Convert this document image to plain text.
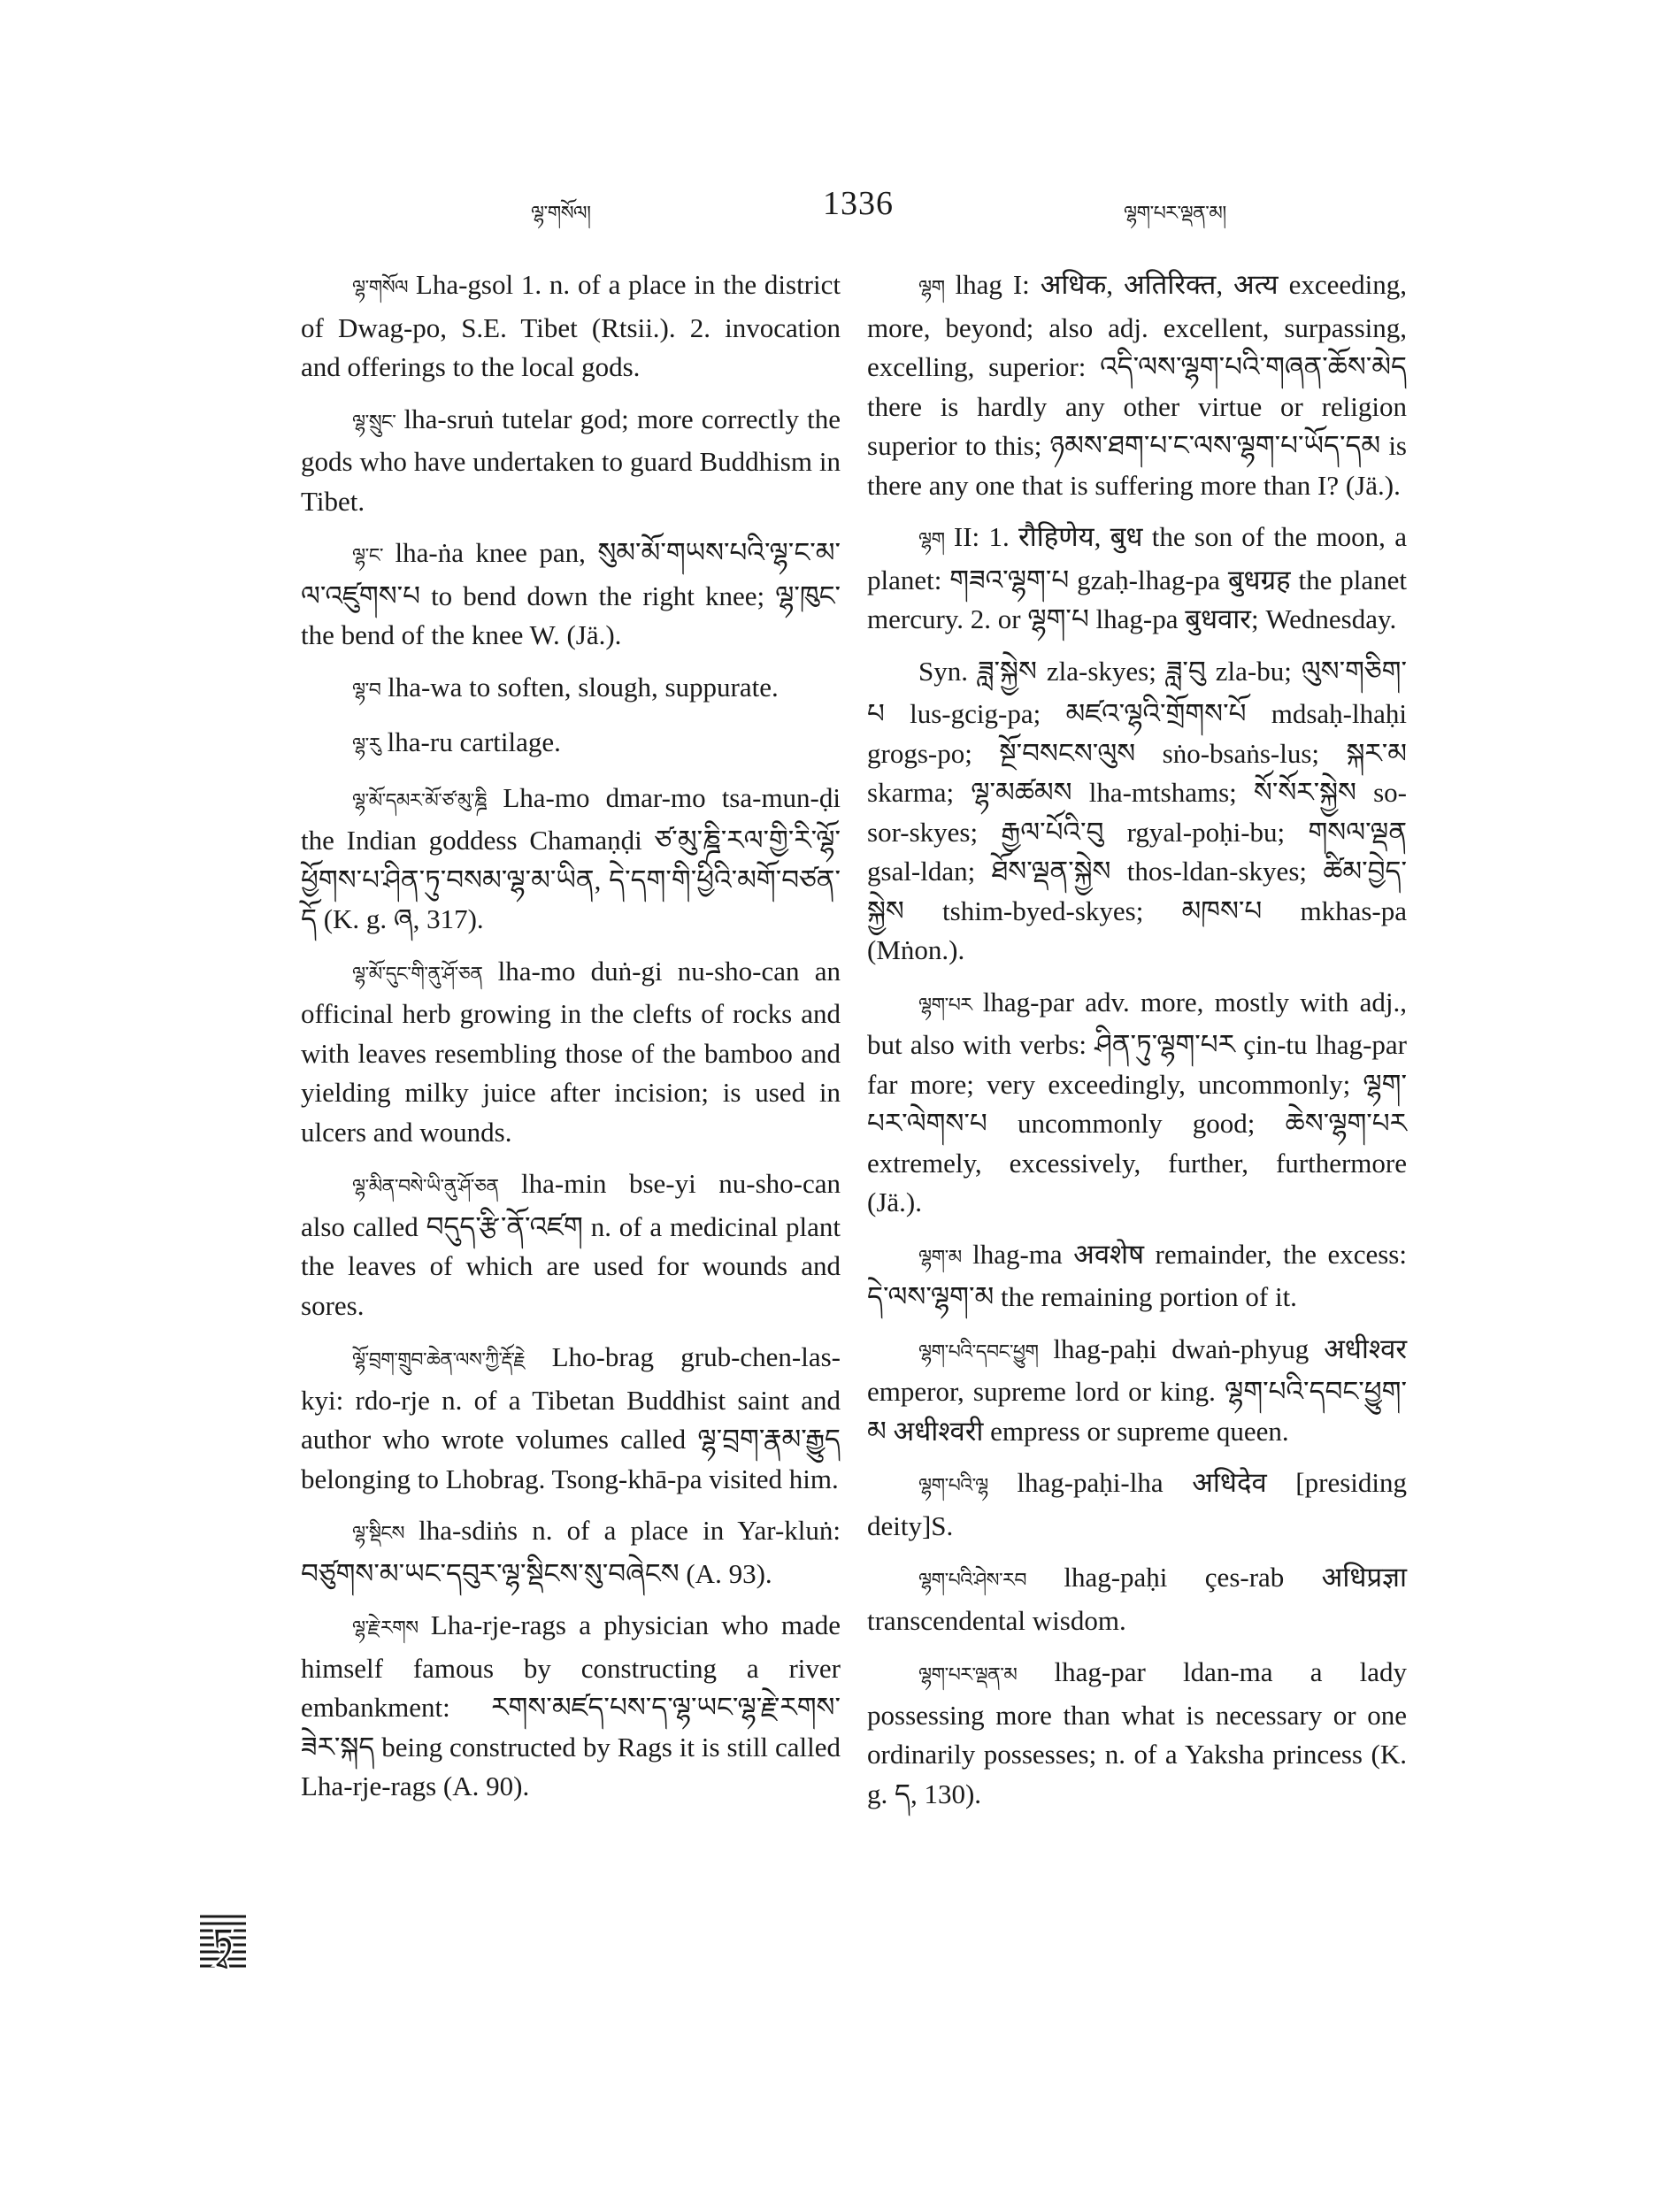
ལྷ་གསོལ།	1336	ལྷག་པར་ལྡན་མ།

ལྷ་གསོལ Lha-gsol 1. n. of a place in the district of Dwag-po, S.E. Tibet (Rtsii.). 2. invocation and offerings to the local gods.

ལྷ་སྲུང་ lha-sruṅ tutelar god; more correctly the gods who have undertaken to guard Buddhism in Tibet.

ལྷ་ང་ lha-ṅa knee pan, སུམ་མོ་གཡས་པའི་ལྷ་ང་མ་ལ་འཛུགས་པ to bend down the right knee; ལྷ་ཁུང་ the bend of the knee W. (Jä.).

ལྷ་བ lha-wa to soften, slough, suppurate.

ལྷ་རུ lha-ru cartilage.

ལྷ་མོ་དམར་མོ་ཙ་མུ་ཎྜི Lha-mo dmar-mo tsa-mun-ḍi the Indian goddess Chamaṇḍi ཙ་མུ་ཎྜི་རལ་གྱི་རི་ལྷོ་ཕྱོགས་པ་ཤིན་ཏུ་བསམ་ལྷ་མ་ཡིན, དེ་དག་གི་ཕྱིའི་མགོ་བཙན་དོ (K. g. ཞ, 317).

ལྷ་མོ་དུང་གི་ནུ་ཤོ་ཅན lha-mo duṅ-gi nu-sho-can an officinal herb growing in the clefts of rocks and with leaves resembling those of the bamboo and yielding milky juice after incision; is used in ulcers and wounds.

ལྷ་མིན་བསེ་ཡི་ནུ་ཤོ་ཅན lha-min bse-yi nu-sho-can also called བདུད་རྩི་ནོ་འཛག n. of a medicinal plant the leaves of which are used for wounds and sores.

ལྷོ་བྲག་གྲུབ་ཆེན་ལས་ཀྱི་རྡོ་རྗེ Lho-brag grub-chen-las-kyi: rdo-rje n. of a Tibetan Buddhist saint and author who wrote volumes called ལྷ་བྲག་རྣམ་རྒྱུད belonging to Lhobrag. Tsong-khā-pa visited him.

ལྷ་སྡིངས lha-sdiṅs n. of a place in Yar-kluṅ: བཙུགས་མ་ཡང་དབུར་ལྷ་སྡིངས་སུ་བཞེངས (A. 93).

ལྷ་རྗེ་རགས Lha-rje-rags a physician who made himself famous by constructing a river embankment: རགས་མཛད་པས་ད་ལྷ་ཡང་ལྷ་རྗེ་རགས་ཟེར་སྐད being constructed by Rags it is still called Lha-rje-rags (A. 90).

ལྷག lhag I: अधिक, अतिरिक्त, अत्य exceeding, more, beyond; also adj. excellent, surpassing, excelling, superior: འདི་ལས་ལྷག་པའི་གཞན་ཆོས་མེད there is hardly any other virtue or religion superior to this; ཉམས་ཐག་པ་ང་ལས་ལྷག་པ་ཡོད་དམ is there any one that is suffering more than I? (Jä.).

ལྷག II: 1. रौहिणेय, बुध the son of the moon, a planet: གཟའ་ལྷག་པ gzaḥ-lhag-pa बुधग्रह the planet mercury. 2. or ལྷག་པ lhag-pa बुधवार; Wednesday.

Syn. ཟླ་སྐྱེས zla-skyes; ཟླ་བུ zla-bu; ལུས་གཅིག་པ lus-gcig-pa; མཛའ་ལྷའི་གྲོགས་པོ mdsaḥ-lhaḥi grogs-po; སྔོ་བསངས་ལུས sṅo-bsaṅs-lus; སྐར་མ skarma; ལྷ་མཚམས lha-mtshams; སོ་སོར་སྐྱེས so-sor-skyes; རྒྱལ་པོའི་བུ rgyal-poḥi-bu; གསལ་ལྡན gsal-ldan; ཐོས་ལྡན་སྐྱེས thos-ldan-skyes; ཚིམ་བྱེད་སྐྱེས tshim-byed-skyes; མཁས་པ mkhas-pa (Mṅon.).

ལྷག་པར lhag-par adv. more, mostly with adj., but also with verbs: ཤིན་ཏུ་ལྷག་པར çin-tu lhag-par far more; very exceedingly, uncommonly; ལྷག་པར་ལེགས་པ uncommonly good; ཆེས་ལྷག་པར extremely, excessively, further, furthermore (Jä.).

ལྷག་མ lhag-ma अवशेष remainder, the excess: དེ་ལས་ལྷག་མ the remaining portion of it.

ལྷག་པའི་དབང་ཕྱུག lhag-paḥi dwaṅ-phyug अधीश्वर emperor, supreme lord or king. ལྷག་པའི་དབང་ཕྱུག་མ अधीश्वरी empress or supreme queen.

ལྷག་པའི་ལྷ lhag-paḥi-lha अधिदेव [presiding deity]S.

ལྷག་པའི་ཤེས་རབ lhag-paḥi çes-rab अधिप्रज्ञा transcendental wisdom.

ལྷག་པར་ལྡན་མ lhag-par ldan-ma a lady possessing more than what is necessary or one ordinarily possesses; n. of a Yaksha princess (K. g. ད, 130).

ཏྭ
